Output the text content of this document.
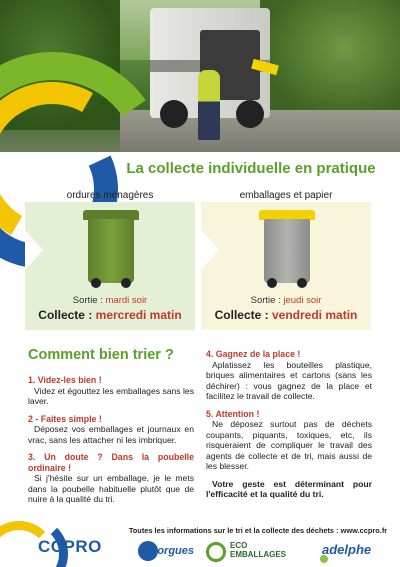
La collecte individuelle en pratique
ordures ménagères
Sortie : mardi soir
Collecte : mercredi matin
emballages et papier
Sortie : jeudi soir
Collecte : vendredi matin
Comment bien trier ?
1. Videz-les bien !

Videz et égouttez les emballages sans les laver.

2 - Faites simple !

Déposez vos emballages et journaux en vrac, sans les attacher ni les imbriquer.

3. Un doute ? Dans la poubelle ordinaire !

Si j'hésite sur un emballage, je le mets dans la poubelle habituelle plutôt que de nuire à la qualité du tri.

4. Gagnez de la place !

Aplatissez les bouteilles plastique, briques alimentaires et cartons (sans les déchirer) : vous gagnez de la place et facilitez le travail de collecte.

5. Attention !

Ne déposez surtout pas de déchets coupants, piquants, toxiques, etc, ils risqueraient de compliquer le travail des agents de collecte et de tri, mais aussi de les blesser.

Votre geste est déterminant pour l'efficacité et la qualité du tri.

Toutes les informations sur le tri et la collecte des déchets : www.ccpro.fr
CCPRO	Sorgues	ECO
EMBALLAGES	adelphe
